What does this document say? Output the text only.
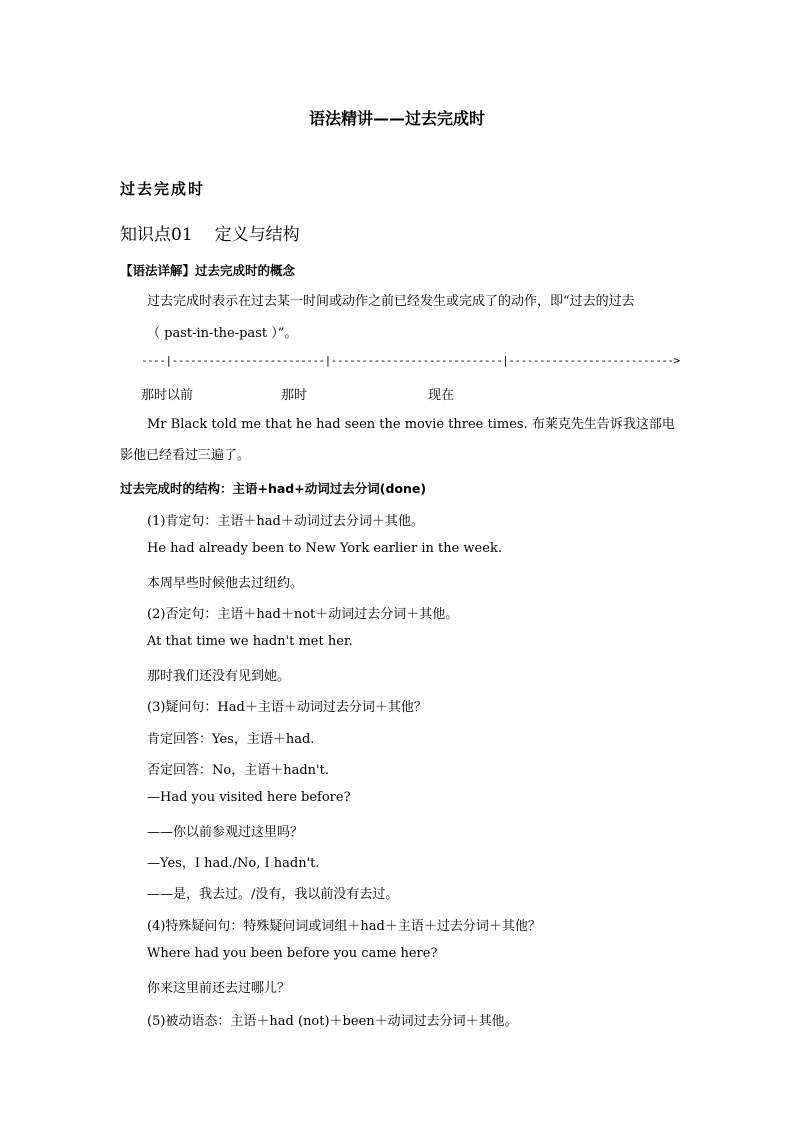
语法精讲——过去完成时
过去完成时
知识点01 定义与结构
【语法详解】过去完成时的概念
过去完成时表示在过去某一时间或动作之前已经发生或完成了的动作，即“过去的过去
（ past-in-the-past ）”。
----|-------------------------|----------------------------|--------------------------->
那时以前	那时	现在
Mr Black told me that he had seen the movie three times. 布莱克先生告诉我这部电影他已经看过三遍了。
过去完成时的结构：主语+had+动词过去分词(done)
(1)肯定句：主语＋had＋动词过去分词＋其他。
He had already been to New York earlier in the week.
本周早些时候他去过纽约。
(2)否定句：主语＋had＋not＋动词过去分词＋其他。
At that time we hadn't met her.
那时我们还没有见到她。
(3)疑问句：Had＋主语＋动词过去分词＋其他？
肯定回答：Yes，主语＋had.
否定回答：No，主语＋hadn't.
—Had you visited here before?
——你以前参观过这里吗？
—Yes，I had./No, I hadn't.
——是，我去过。/没有，我以前没有去过。
(4)特殊疑问句：特殊疑问词或词组＋had＋主语＋过去分词＋其他？
Where had you been before you came here?
你来这里前还去过哪儿？
(5)被动语态：主语＋had (not)＋been＋动词过去分词＋其他。
